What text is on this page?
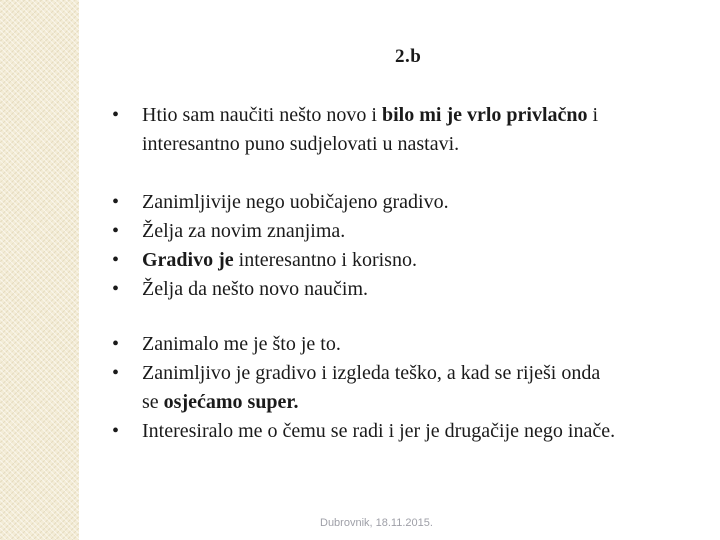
2.b
• Htio sam naučiti nešto novo i bilo mi je vrlo privlačno i
interesantno puno sudjelovati u nastavi.
• Zanimljivije nego uobičajeno gradivo.
• Želja za novim znanjima.
• Gradivo je interesantno i korisno.
• Želja da nešto novo naučim.
• Zanimalo me je što je to.
• Zanimljivo je gradivo i izgleda teško, a kad se riješi onda
se osjećamo super.
• Interesiralo me o čemu se radi i jer je drugačije nego inače.
Dubrovnik, 18.11.2015.
